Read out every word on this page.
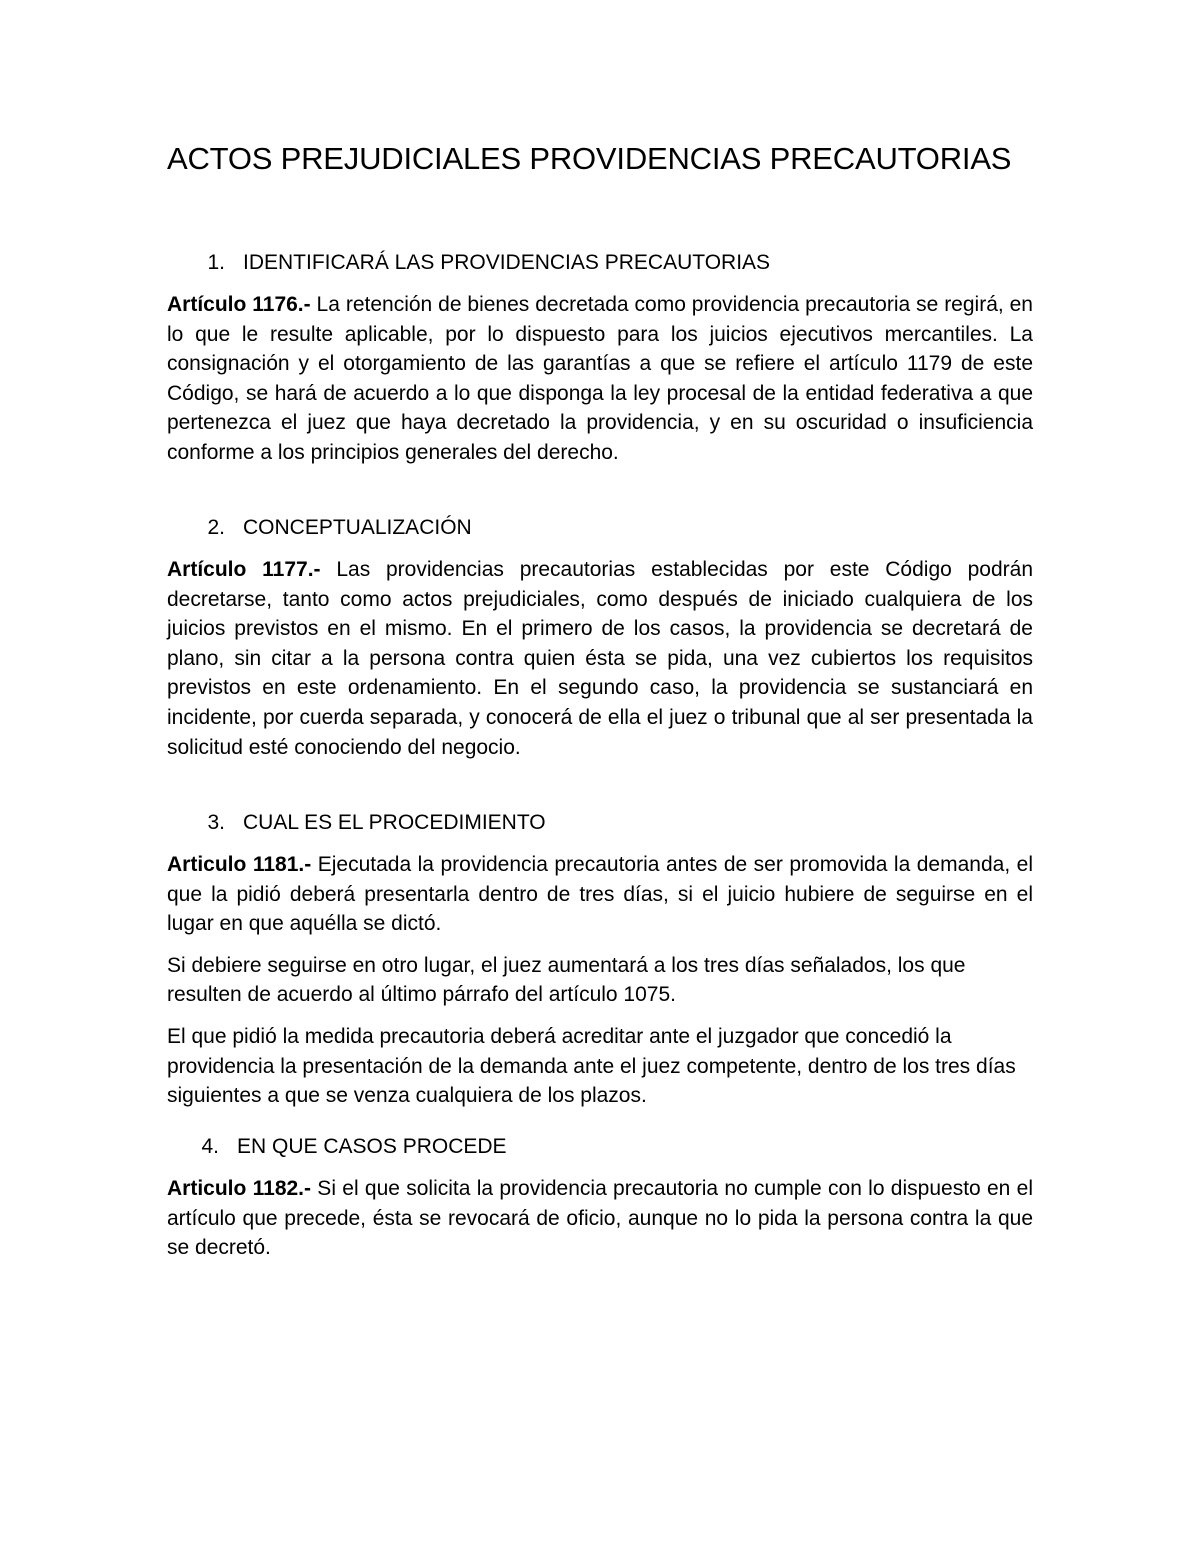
ACTOS PREJUDICIALES PROVIDENCIAS PRECAUTORIAS
1. IDENTIFICARÁ LAS PROVIDENCIAS PRECAUTORIAS

Artículo 1176.- La retención de bienes decretada como providencia precautoria se regirá, en lo que le resulte aplicable, por lo dispuesto para los juicios ejecutivos mercantiles. La consignación y el otorgamiento de las garantías a que se refiere el artículo 1179 de este Código, se hará de acuerdo a lo que disponga la ley procesal de la entidad federativa a que pertenezca el juez que haya decretado la providencia, y en su oscuridad o insuficiencia conforme a los principios generales del derecho.

2. CONCEPTUALIZACIÓN

Artículo 1177.- Las providencias precautorias establecidas por este Código podrán decretarse, tanto como actos prejudiciales, como después de iniciado cualquiera de los juicios previstos en el mismo. En el primero de los casos, la providencia se decretará de plano, sin citar a la persona contra quien ésta se pida, una vez cubiertos los requisitos previstos en este ordenamiento. En el segundo caso, la providencia se sustanciará en incidente, por cuerda separada, y conocerá de ella el juez o tribunal que al ser presentada la solicitud esté conociendo del negocio.

3. CUAL ES EL PROCEDIMIENTO

Articulo 1181.- Ejecutada la providencia precautoria antes de ser promovida la demanda, el que la pidió deberá presentarla dentro de tres días, si el juicio hubiere de seguirse en el lugar en que aquélla se dictó.

Si debiere seguirse en otro lugar, el juez aumentará a los tres días señalados, los que resulten de acuerdo al último párrafo del artículo 1075.

El que pidió la medida precautoria deberá acreditar ante el juzgador que concedió la providencia la presentación de la demanda ante el juez competente, dentro de los tres días siguientes a que se venza cualquiera de los plazos.

4. EN QUE CASOS PROCEDE

Articulo 1182.- Si el que solicita la providencia precautoria no cumple con lo dispuesto en el artículo que precede, ésta se revocará de oficio, aunque no lo pida la persona contra la que se decretó.
